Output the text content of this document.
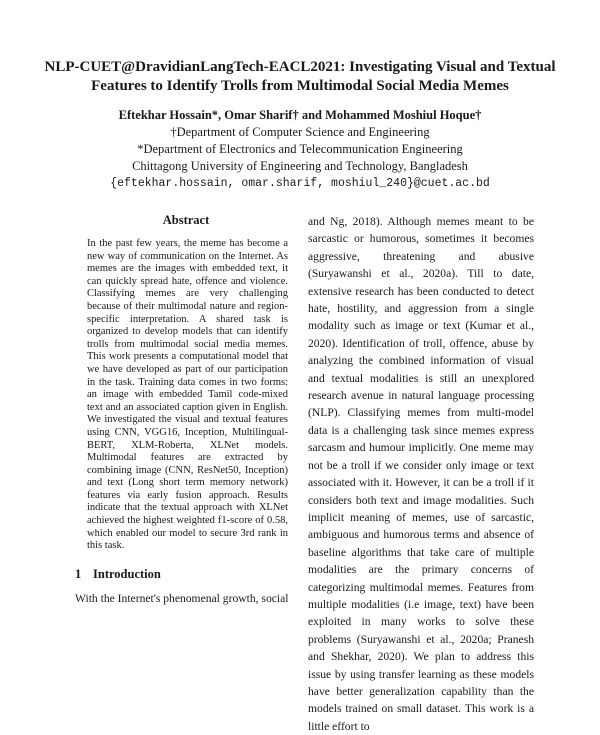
NLP-CUET@DravidianLangTech-EACL2021: Investigating Visual and Textual Features to Identify Trolls from Multimodal Social Media Memes
Eftekhar Hossain*, Omar Sharif† and Mohammed Moshiul Hoque†
†Department of Computer Science and Engineering
*Department of Electronics and Telecommunication Engineering
Chittagong University of Engineering and Technology, Bangladesh
{eftekhar.hossain, omar.sharif, moshiul_240}@cuet.ac.bd
Abstract
In the past few years, the meme has become a new way of communication on the Internet. As memes are the images with embedded text, it can quickly spread hate, offence and violence. Classifying memes are very challenging because of their multimodal nature and region-specific interpretation. A shared task is organized to develop models that can identify trolls from multimodal social media memes. This work presents a computational model that we have developed as part of our participation in the task. Training data comes in two forms: an image with embedded Tamil code-mixed text and an associated caption given in English. We investigated the visual and textual features using CNN, VGG16, Inception, Multilingual-BERT, XLM-Roberta, XLNet models. Multimodal features are extracted by combining image (CNN, ResNet50, Inception) and text (Long short term memory network) features via early fusion approach. Results indicate that the textual approach with XLNet achieved the highest weighted f1-score of 0.58, which enabled our model to secure 3rd rank in this task.
1 Introduction
With the Internet's phenomenal growth, social

and Ng, 2018). Although memes meant to be sarcastic or humorous, sometimes it becomes aggressive, threatening and abusive (Suryawanshi et al., 2020a). Till to date, extensive research has been conducted to detect hate, hostility, and aggression from a single modality such as image or text (Kumar et al., 2020). Identification of troll, offence, abuse by analyzing the combined information of visual and textual modalities is still an unexplored research avenue in natural language processing (NLP). Classifying memes from multi-model data is a challenging task since memes express sarcasm and humour implicitly. One meme may not be a troll if we consider only image or text associated with it. However, it can be a troll if it considers both text and image modalities. Such implicit meaning of memes, use of sarcastic, ambiguous and humorous terms and absence of baseline algorithms that take care of multiple modalities are the primary concerns of categorizing multimodal memes. Features from multiple modalities (i.e image, text) have been exploited in many works to solve these problems (Suryawanshi et al., 2020a; Pranesh and Shekhar, 2020). We plan to address this issue by using transfer learning as these models have better generalization capability than the models trained on small dataset. This work is a little effort to
